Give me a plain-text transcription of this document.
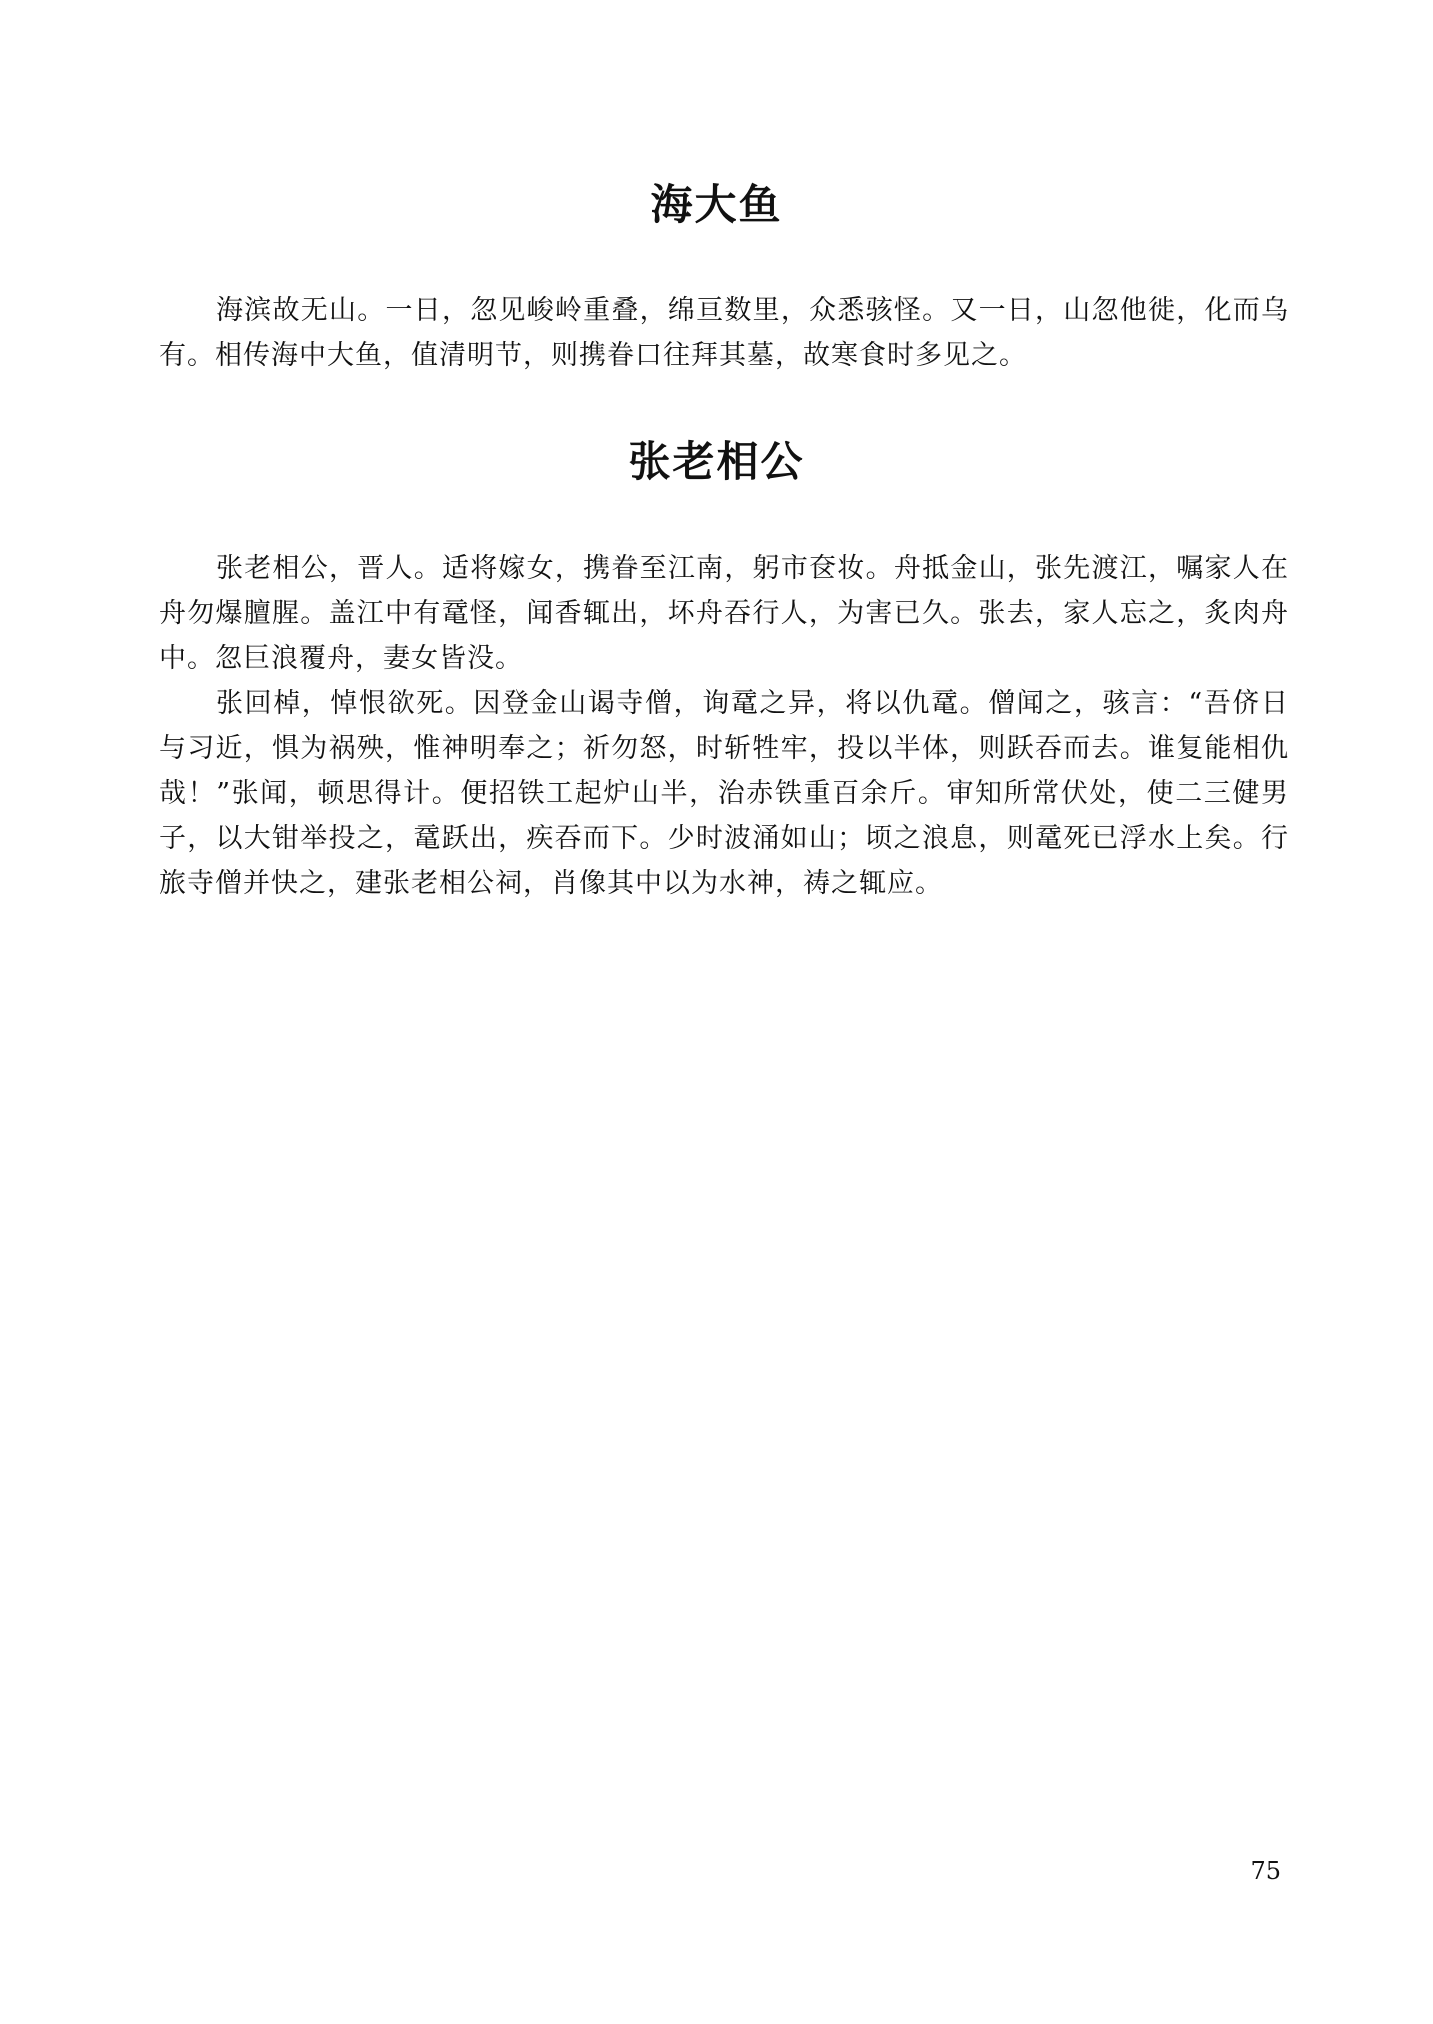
海大鱼

海滨故无山。一日，忽见峻岭重叠，绵亘数里，众悉骇怪。又一日，山忽他徙，化而乌有。相传海中大鱼，值清明节，则携眷口往拜其墓，故寒食时多见之。

张老相公

张老相公，晋人。适将嫁女，携眷至江南，躬市奁妆。舟抵金山，张先渡江，嘱家人在舟勿爆膻腥。盖江中有鼋怪，闻香辄出，坏舟吞行人，为害已久。张去，家人忘之，炙肉舟中。忽巨浪覆舟，妻女皆没。

张回棹，悼恨欲死。因登金山谒寺僧，询鼋之异，将以仇鼋。僧闻之，骇言：“吾侪日与习近，惧为祸殃，惟神明奉之；祈勿怒，时斩牲牢，投以半体，则跃吞而去。谁复能相仇哉！”张闻，顿思得计。便招铁工起炉山半，治赤铁重百余斤。审知所常伏处，使二三健男子，以大钳举投之，鼋跃出，疾吞而下。少时波涌如山；顷之浪息，则鼋死已浮水上矣。行旅寺僧并快之，建张老相公祠，肖像其中以为水神，祷之辄应。

75
